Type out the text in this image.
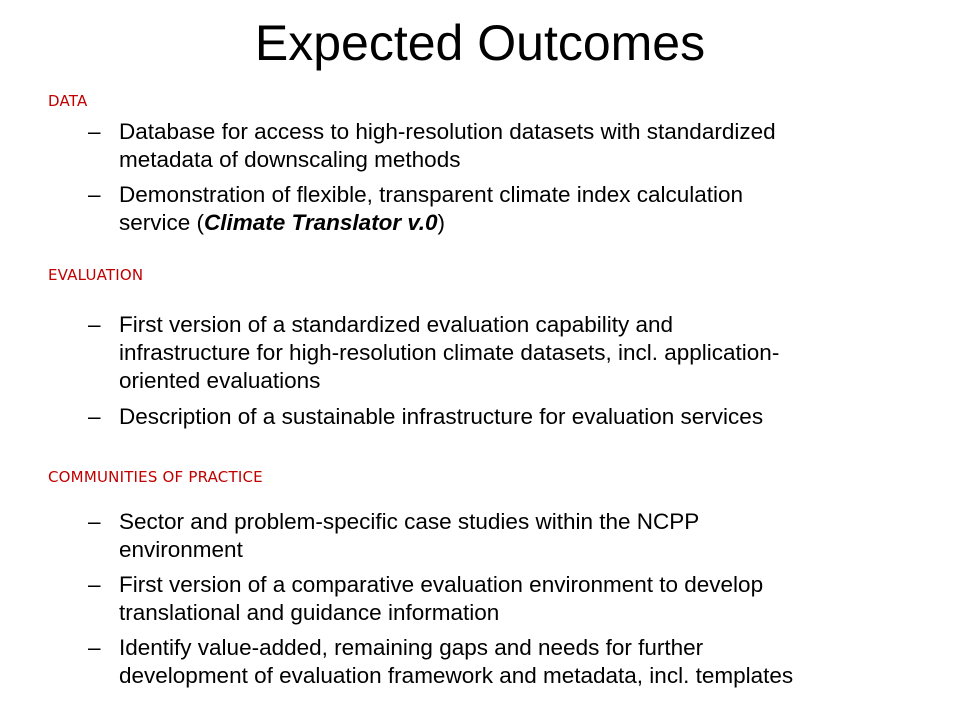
Expected Outcomes
DATA
– Database for access to high-resolution datasets with standardized
metadata of downscaling methods
– Demonstration of flexible, transparent climate index calculation
service (Climate Translator v.0)
EVALUATION
– First version of a standardized evaluation capability and
infrastructure for high-resolution climate datasets, incl. application-
oriented evaluations
– Description of a sustainable infrastructure for evaluation services
COMMUNITIES OF PRACTICE
– Sector and problem-specific case studies within the NCPP
environment
– First version of a comparative evaluation environment to develop
translational and guidance information
– Identify value-added, remaining gaps and needs for further
development of evaluation framework and metadata, incl. templates
